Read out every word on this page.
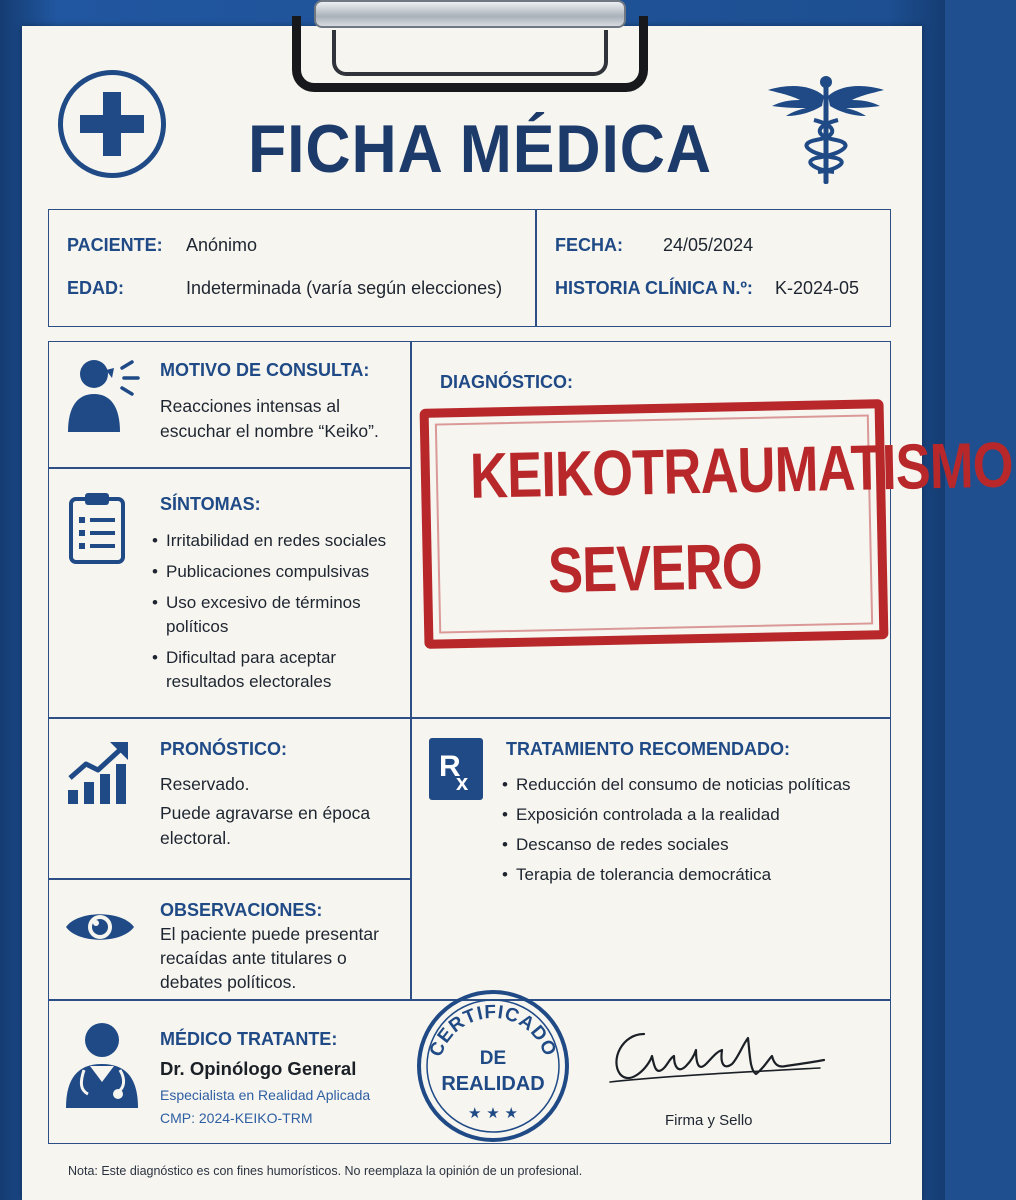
FICHA MÉDICA
PACIENTE: Anónimo
EDAD:	Indeterminada (varía según elecciones)
FECHA: 24/05/2024
HISTORIA CLÍNICA N.º: K-2024-05
MOTIVO DE CONSULTA:
Reacciones intensas al escuchar el nombre “Keiko”.
SÍNTOMAS:
• Irritabilidad en redes sociales
• Publicaciones compulsivas
• Uso excesivo de términos políticos
• Dificultad para aceptar resultados electorales
DIAGNÓSTICO:
KEIKOTRAUMATISMO
SEVERO
PRONÓSTICO:
Reservado.
Puede agravarse en época electoral.
R
x
TRATAMIENTO RECOMENDADO:
• Reducción del consumo de noticias políticas
• Exposición controlada a la realidad
• Descanso de redes sociales
• Terapia de tolerancia democrática
OBSERVACIONES:
El paciente puede presentar recaídas ante titulares o debates políticos.
MÉDICO TRATANTE:
Dr. Opinólogo General
Especialista en Realidad Aplicada
CMP: 2024-KEIKO-TRM
CERTIFICADO
DE
REALIDAD
★ ★ ★	Firma y Sello
Nota: Este diagnóstico es con fines humorísticos. No reemplaza la opinión de un profesional.
